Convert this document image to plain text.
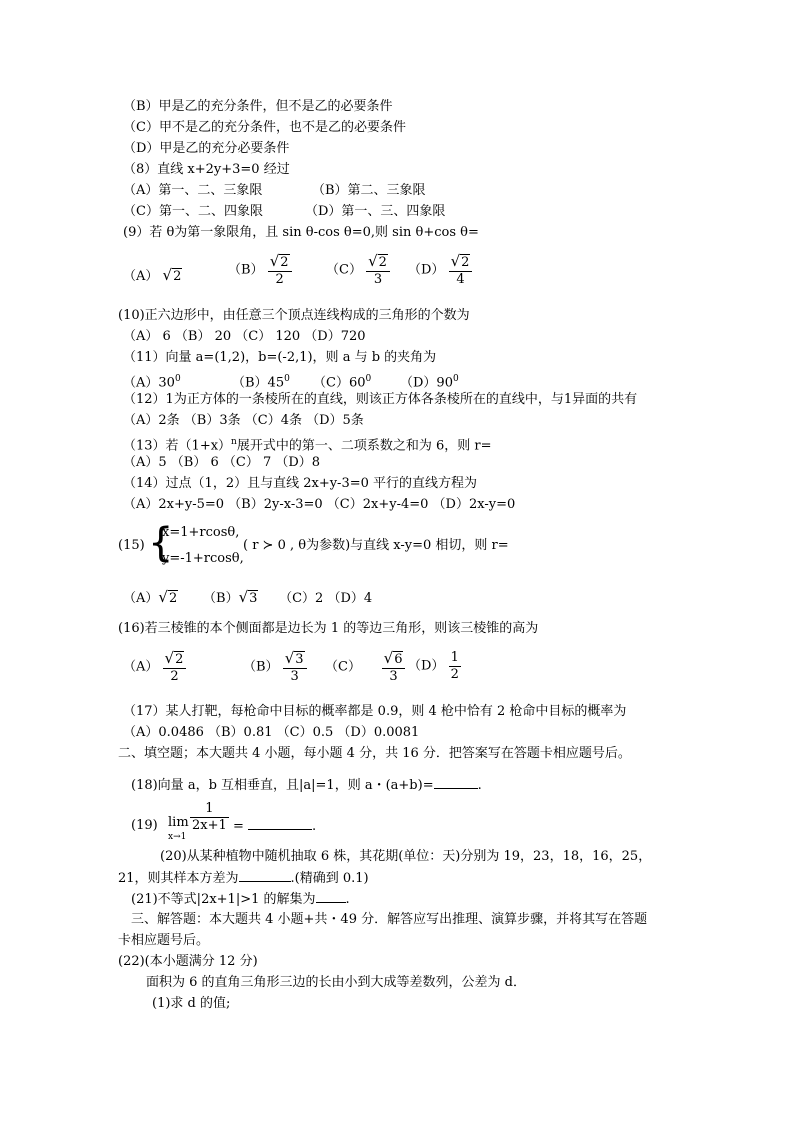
（B）甲是乙的充分条件，但不是乙的必要条件
（C）甲不是乙的充分条件，也不是乙的必要条件
（D）甲是乙的充分必要条件
（8）直线 x+2y+3=0 经过
（A）第一、二、三象限	（B）第二、三象限
（C）第一、二、四象限	（D）第一、三、四象限
(9）若 θ为第一象限角，且 sin θ-cos θ=0,则 sin θ+cos θ=
（A） √2	$(B) \frac{√2}{2}$	$(C) \frac{√2}{3} (D) \frac{√2}{4}$
(10)正六边形中，由任意三个顶点连线构成的三角形的个数为
（A） 6 （B） 20 （C） 120 （D）720
（11）向量 a=(1,2)，b=(-2,1)，则 a 与 b 的夹角为
$(A)30^0$	$(B)45^0$ $(C)60^0$ $(D)90^0$
（12）1为正方体的一条棱所在的直线，则该正方体各条棱所在的直线中，与1异面的共有
（A）2条 （B）3条 （C）4条 （D）5条
（13）若$(1+x)^n$展开式中的第一、二项系数之和为 6，则 r=
（A）5 （B） 6 （C） 7 （D）8
（14）过点（1，2）且与直线 2x+y-3=0 平行的直线方程为
（A）2x+y-5=0 （B）2y-x-3=0 （C）2x+y-4=0 （D）2x-y=0
(15) {
x=1+rcosθ,
y=-1+rcosθ,
( r ≻ 0 , θ为参数)与直线 x-y=0 相切，则 r=
（A）√2 （B）√3 （C）2 （D）4
(16)若三棱锥的本个侧面都是边长为 1 的等边三角形，则该三棱锥的高为
$(A) \frac{√2}{2}$	$(B) \frac{√3}{3} (C) \frac{√6}{3} (D) \frac{1}{2}$
（17）某人打靶，每枪命中目标的概率都是 0.9，则 4 枪中恰有 2 枪命中目标的概率为
（A）0.0486 （B）0.81 （C）0.5 （D）0.0081
二、填空题；本大题共 4 小题，每小题 4 分，共 16 分．把答案写在答题卡相应题号后。
(18)向量 a，b 互相垂直，且|a|=1，则 a・(a+b)=	.
(19) lim
x→1
$\frac{1}{2x+1}$ =	.
(20)从某种植物中随机抽取 6 株，其花期(单位：天)分别为 19，23，18，16，25，
21，则其样本方差为	.(精确到 0.1)
(21)不等式|2x+1|>1 的解集为 .
三、解答题：本大题共 4 小题+共・49 分．解答应写出推理、演算步骤，并将其写在答题
卡相应题号后。
(22)(本小题满分 12 分)
面积为 6 的直角三角形三边的长由小到大成等差数列，公差为 d．
(1)求 d 的值;
